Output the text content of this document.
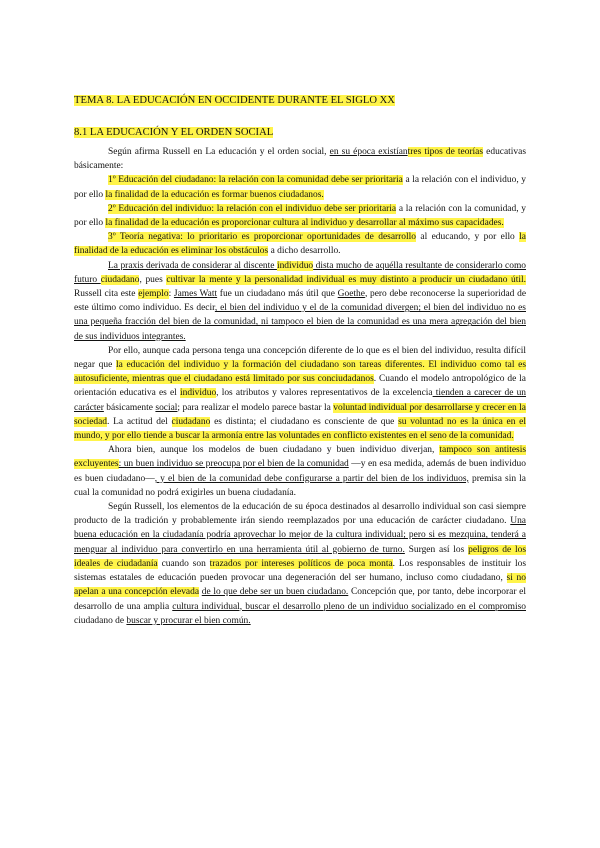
TEMA 8. LA EDUCACIÓN EN OCCIDENTE DURANTE EL SIGLO XX
8.1 LA EDUCACIÓN Y EL ORDEN SOCIAL

Según afirma Russell en La educación y el orden social, en su época existíantres tipos de teorías educativas básicamente:

1º Educación del ciudadano: la relación con la comunidad debe ser prioritaria a la relación con el individuo, y por ello la finalidad de la educación es formar buenos ciudadanos.

2º Educación del individuo: la relación con el individuo debe ser prioritaria a la relación con la comunidad, y por ello la finalidad de la educación es proporcionar cultura al individuo y desarrollar al máximo sus capacidades.

3º Teoría negativa: lo prioritario es proporcionar oportunidades de desarrollo al educando, y por ello la finalidad de la educación es eliminar los obstáculos a dicho desarrollo.

La praxis derivada de considerar al discente individuo dista mucho de aquélla resultante de considerarlo como futuro ciudadano, pues cultivar la mente y la personalidad individual es muy distinto a producir un ciudadano útil. Russell cita este ejemplo: James Watt fue un ciudadano más útil que Goethe, pero debe reconocerse la superioridad de este último como individuo. Es decir, el bien del individuo y el de la comunidad divergen; el bien del individuo no es una pequeña fracción del bien de la comunidad, ni tampoco el bien de la comunidad es una mera agregación del bien de sus individuos integrantes.

Por ello, aunque cada persona tenga una concepción diferente de lo que es el bien del individuo, resulta difícil negar que la educación del individuo y la formación del ciudadano son tareas diferentes. El individuo como tal es autosuficiente, mientras que el ciudadano está limitado por sus conciudadanos. Cuando el modelo antropológico de la orientación educativa es el individuo, los atributos y valores representativos de la excelencia tienden a carecer de un carácter básicamente social; para realizar el modelo parece bastar la voluntad individual por desarrollarse y crecer en la sociedad. La actitud del ciudadano es distinta; el ciudadano es consciente de que su voluntad no es la única en el mundo, y por ello tiende a buscar la armonía entre las voluntades en conflicto existentes en el seno de la comunidad.

Ahora bien, aunque los modelos de buen ciudadano y buen individuo diverjan, tampoco son antitesis excluyentes: un buen individuo se preocupa por el bien de la comunidad —y en esa medida, además de buen individuo es buen ciudadano—, y el bien de la comunidad debe configurarse a partir del bien de los individuos, premisa sin la cual la comunidad no podrá exigirles un buena ciudadanía.

Según Russell, los elementos de la educación de su época destinados al desarrollo individual son casi siempre producto de la tradición y probablemente irán siendo reemplazados por una educación de carácter ciudadano. Una buena educación en la ciudadanía podría aprovechar lo mejor de la cultura individual; pero si es mezquina, tenderá a menguar al individuo para convertirlo en una herramienta útil al gobierno de turno. Surgen así los peligros de los ideales de ciudadanía cuando son trazados por intereses políticos de poca monta. Los responsables de instituir los sistemas estatales de educación pueden provocar una degeneración del ser humano, incluso como ciudadano, si no apelan a una concepción elevada de lo que debe ser un buen ciudadano. Concepción que, por tanto, debe incorporar el desarrollo de una amplia cultura individual, buscar el desarrollo pleno de un individuo socializado en el compromiso ciudadano de buscar y procurar el bien común.
